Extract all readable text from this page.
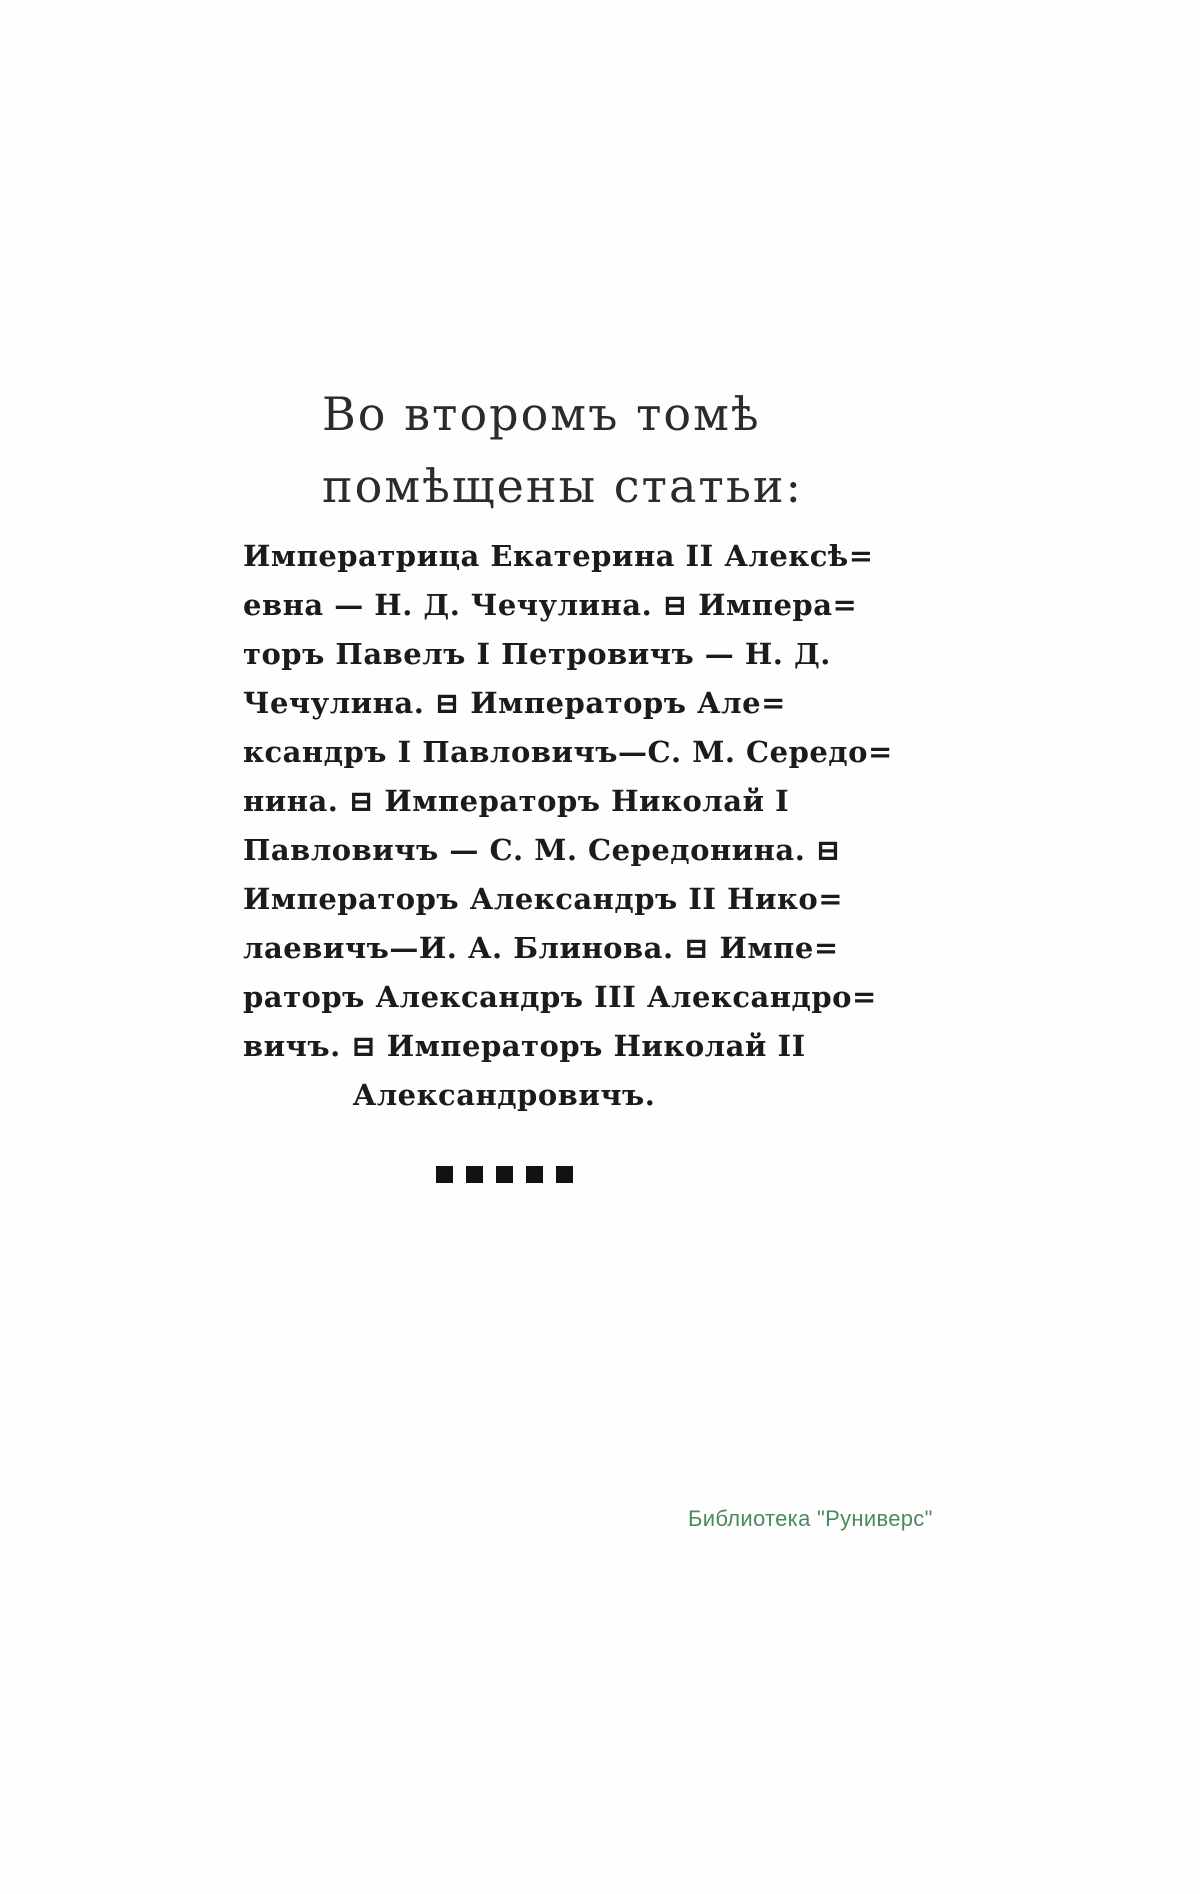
Во второмъ томѣ
помѣщены статьи:
Императрица Екатерина II Алексѣ=
евна — Н. Д. Чечулина. ⊟ Импера=
торъ Павелъ I Петровичъ — Н. Д.
Чечулина. ⊟ Императоръ Але=
ксандръ I Павловичъ—С. М. Середо=
нина. ⊟ Императоръ Николай I
Павловичъ — С. М. Середонина. ⊟
Императоръ Александръ II Нико=
лаевичъ—И. А. Блинова. ⊟ Импе=
раторъ Александръ III Александро=
вичъ. ⊟ Императоръ Николай II
Александровичъ.
Библиотека "Руниверс"
